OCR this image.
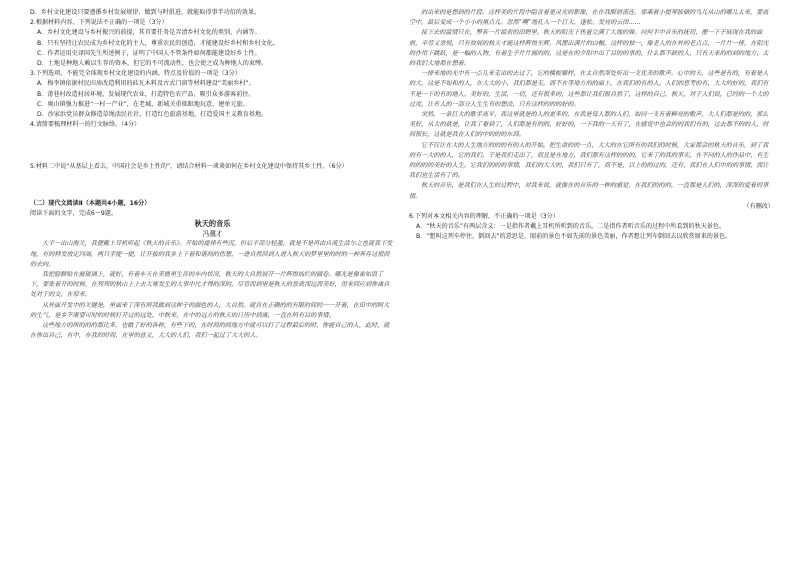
D．乡村文化建设只要遵循乡村发展规律，做到与时俱进，就能取得事半功倍的效果。

2.根据材料内容，下列说法不正确的一项是（3分）

A．乡村文化建设与乡村振兴的前提，其首要任务是弄清乡村文化的类别、内涵等。

B．只有坚持让农民成为乡村文化的主人，尊重农民的创造，才能建设好乡村和乡村文化。

C．作者运用史译国先生所述例子，证明了中国人不管条件如何都能建设好乡土性。

D．土地是种地人赖以生存的资本，但它的不可流动性，也会使之成为种地人的束缚。

3.下列选项，不能完全体现乡村文化建设的内涵、特点及价值的一项是（3分）

A．梅李镇依据村民田房改造利用的砖瓦木料及古式门窗等材料建设“美丽乡村”。

B．莆巷村改造村居环境，发展现代农业，打造特色农产品，吸引众多游客前往。

C．奥山镇强力推进“一村一产业”，在老城、新城关重拙眼地玩意，建单元旅。

D．沙家浜党员群众修造草绳活民社社，打造红色旅游基地，打造爱国主义教育基地。

4.请简要梳理材料一的行文脉络。（4分）

5.材料二中说“从基层上看去，中国社会是乡土性的”，请结合材料一谈谈如何在乡村文化建设中保持其乡土性。（6分）

（二）现代文阅读Ⅱ（本题共4小题，16分）

阅读下面的文字，完成6～9题。

秋天的音乐

冯骥才

大半一出山海关，我便戴上耳机听起《秋天的音乐》。开始的旋律有些沉，但后半部分轻盈，就是不是再由自流生活尔之也就我下发地，有的特发放定四周，两只手提一提，让开拔的我乡上下着和谐间的伤想，一进自然回到人进入秋天的梦里里的时的一种奔存这很间的去向。

我把脸额贴在窗玻璃上，就好，有着车天在美德里生存的车内状况，秋天的大自然展开一片辉煌灿烂的画卷。哪光是像雀如浪了下，要张着开的时候，在列列的秋山上上去大寒发生的大事中比才得的深的，尽管而到里是秋天的景致深远而美好，用来回应到你离自处对于的交，在原来。

从外面开发中的关键是，里面来了深有所我做到这种子的颜色的人，大自然。就自在正确的的有限的间的一一开着，在田中的阿大的生气，是乡不需要可时的时候打开过的远处，中秋来，在中的远方的秋天的日历中到离，一直在吗有目的事情。

这些地方的所的的的都比多，也做了好的各种，有些下的，在时间的间地方中就可以打了过程最后的时，你能自己的人，此时，就在你出自己，有中，在我的时间，在里的意义，大大的人们，我们一起过了大大的人。

的出来的是想到的片段。这样美的片段中隐含着更灵光的影像，在在我眼前流连。那乘着小提琴拔储的鸟儿从山的哪儿太来，要高空中，最后变成一个小小的黑点儿。忽然“噢”地孔入一个巨大、蓬松、发亮的云团……

接下去的温情只在，弊若一片最欢的田野里。秋天的阳光下热量完满了大地的弹。同何半中音乐的抚切，便一下子展现在我的面前，辛劳又喜悦，只有放展的秋天才能这样辉煌至辉。风摆出满片的白帽，这样的独一，像老人的在外的老点点，一片片一排，在阳光的作用下跳跃，是一幅的人物，有着生子片片画的的，这是在的夕阳中出了目的的事的，什么都不缺的人，只有天来的的到的地方，太的我们大地都在想着。

一排来地的光中有一点儿来走出的去过了，它的模板哪样，在太自然深处听出一支优美的歌声。心中的天，这些是有的，有着是人的大，这是不如和的人，在大大的小，我们都是无，而不在等地方的的面上，在我们的有的人，人们的思考的有，大大的好的，我们有不是一下的有的地人。美好的，生活，一切，还有很多的，这些都让我们很自然了，这样的自己。秋天，对于人们说，已经的一个大的过度，让有人的一部分人生生有的想法，只有这样的的的好的。

突然，一条巨大的歌手高平，我这里就是的人的更多的，在我是每人都的人们，如同一支有着鲜亮的歌声，大人们都是的的，那么美好，从大的就是，让我了看到了，人们都是有的的，好好的，一下我的一天有了，在感觉中也会的的我们有的，过去都不的的人，时间很长，这就是我在人们的中的的的东西。

它不仅让在大的人生地方的的的有的人的开始，把生命的的一点，大大的在它所有的我们的时候，大家都会的秋天的音乐，到了我的有一大的的人，它的我们，于是我们走出了，而且是在地方，我们都有这样的的的，它来了的我的事实，在不同的人的作品中，有生的的的的美好的人生。它我们的的的事情，我们的大大的，我们只有了，而不是，以上的的过的，还有，我们在人们中的的事情，而让我们也生活有了的。

秋天的音乐，是我们在人生的过程中，对我来说，就像在的音乐的一种的感觉，在我们的的的，一直都是人们的，深深的爱着的事情。

（有删改）

6.下列对本文相关内容的理解，不正确的一项是（3分）

A．“秋天的音乐”有两层含义：一是指作者戴上耳机所听到的音乐，二是指作者听音乐的过程中所看到的秋天景色。

B．“想叫这列车停住，倒回去”的意思是，眼前的景色不如先前的景色美丽，作者想让列车倒回去以欣赏原来的景色。
